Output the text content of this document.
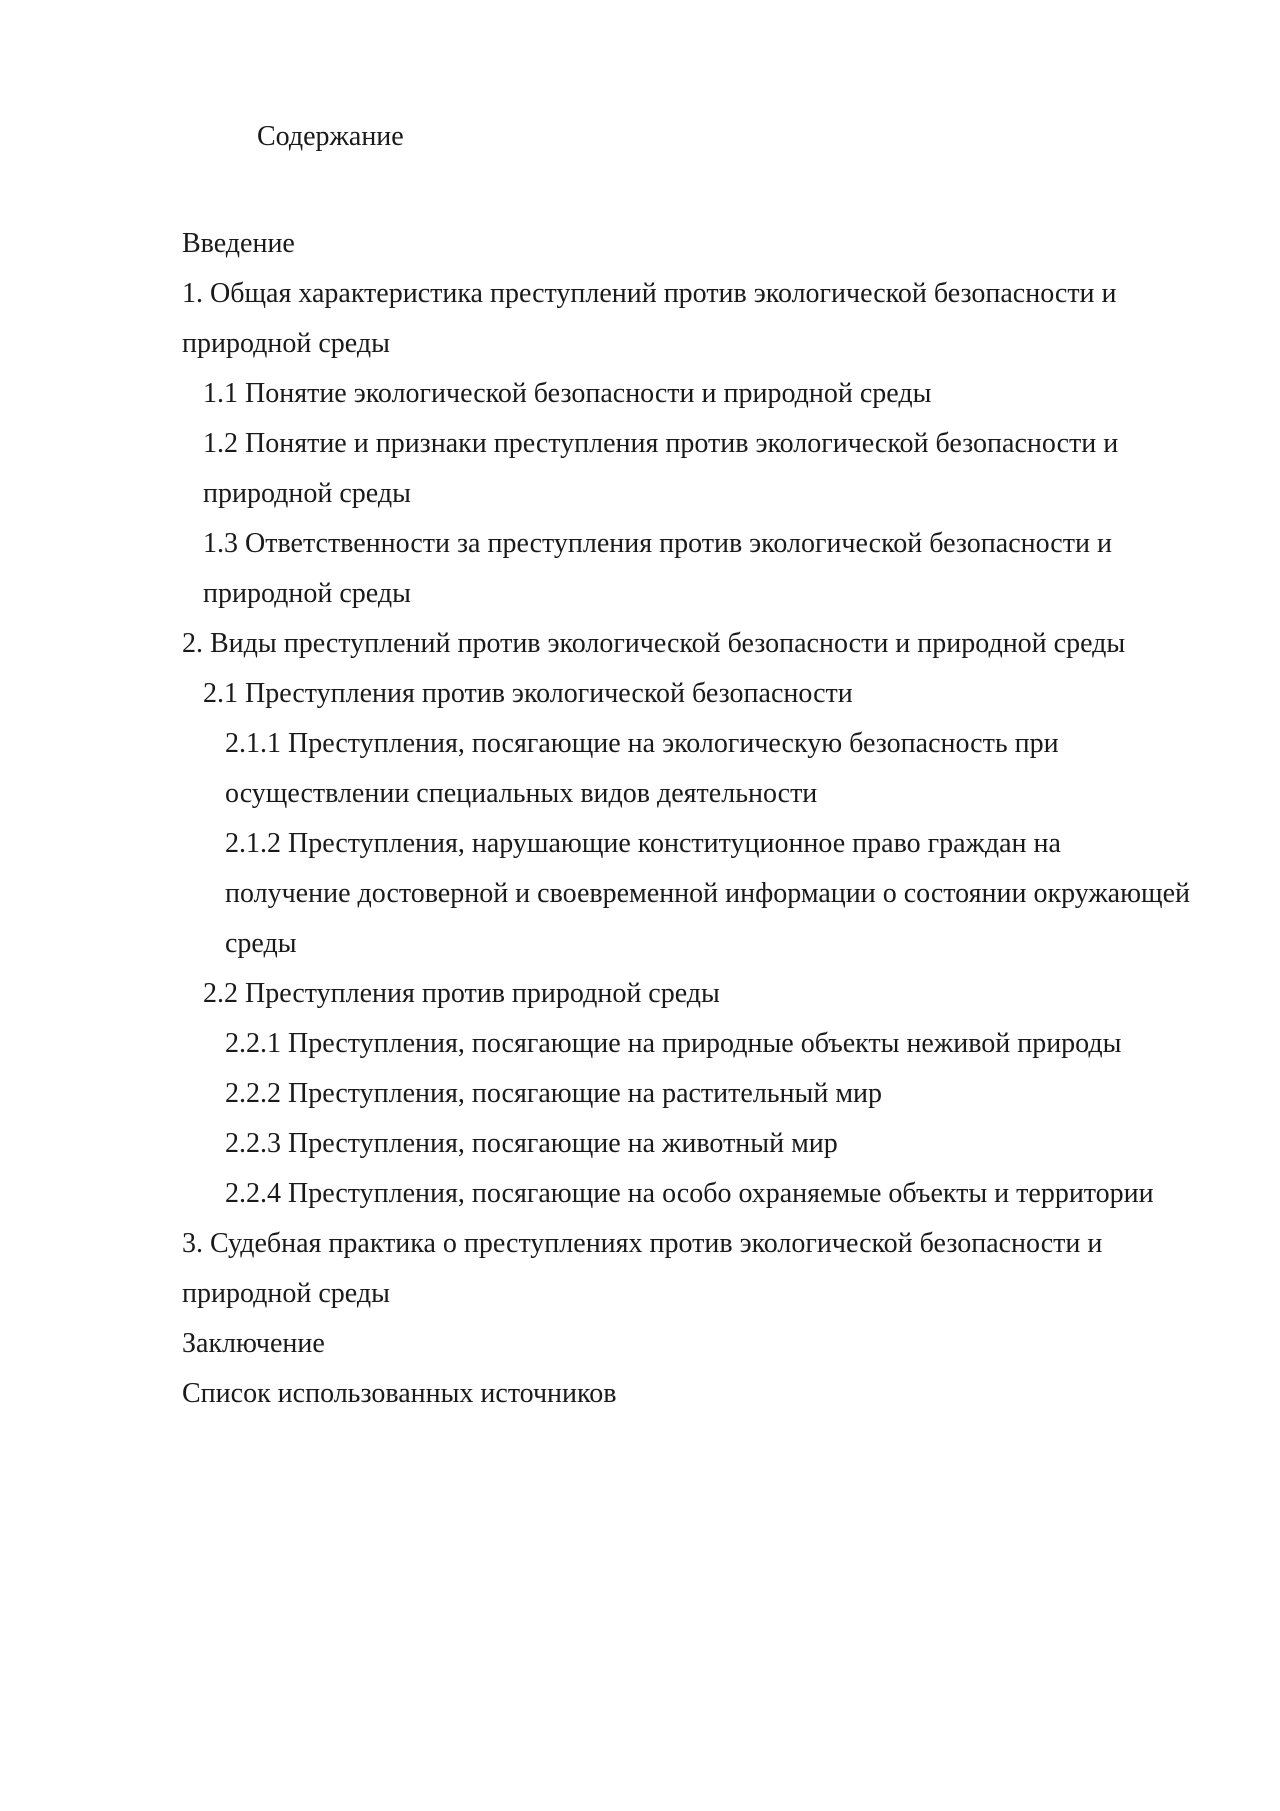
Содержание
Введение
1. Общая характеристика преступлений против экологической безопасности и природной среды
1.1 Понятие экологической безопасности и природной среды
1.2 Понятие и признаки преступления против экологической безопасности и природной среды
1.3 Ответственности за преступления против экологической безопасности и природной среды
2. Виды преступлений против экологической безопасности и природной среды
2.1 Преступления против экологической безопасности
2.1.1 Преступления, посягающие на экологическую безопасность при осуществлении специальных видов деятельности
2.1.2 Преступления, нарушающие конституционное право граждан на получение достоверной и своевременной информации о состоянии окружающей среды
2.2 Преступления против природной среды
2.2.1 Преступления, посягающие на природные объекты неживой природы
2.2.2 Преступления, посягающие на растительный мир
2.2.3 Преступления, посягающие на животный мир
2.2.4 Преступления, посягающие на особо охраняемые объекты и территории
3. Судебная практика о преступлениях против экологической безопасности и природной среды
Заключение
Список использованных источников
